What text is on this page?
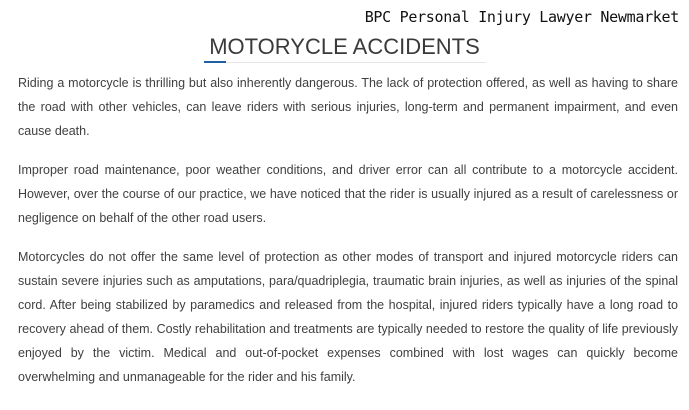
BPC Personal Injury Lawyer Newmarket
MOTORYCLE ACCIDENTS

Riding a motorcycle is thrilling but also inherently dangerous. The lack of protection offered, as well as having to share the road with other vehicles, can leave riders with serious injuries, long-term and permanent impairment, and even cause death.

Improper road maintenance, poor weather conditions, and driver error can all contribute to a motorcycle accident. However, over the course of our practice, we have noticed that the rider is usually injured as a result of carelessness or negligence on behalf of the other road users.

Motorcycles do not offer the same level of protection as other modes of transport and injured motorcycle riders can sustain severe injuries such as amputations, para/quadriplegia, traumatic brain injuries, as well as injuries of the spinal cord. After being stabilized by paramedics and released from the hospital, injured riders typically have a long road to recovery ahead of them. Costly rehabilitation and treatments are typically needed to restore the quality of life previously enjoyed by the victim. Medical and out-of-pocket expenses combined with lost wages can quickly become overwhelming and unmanageable for the rider and his family.
